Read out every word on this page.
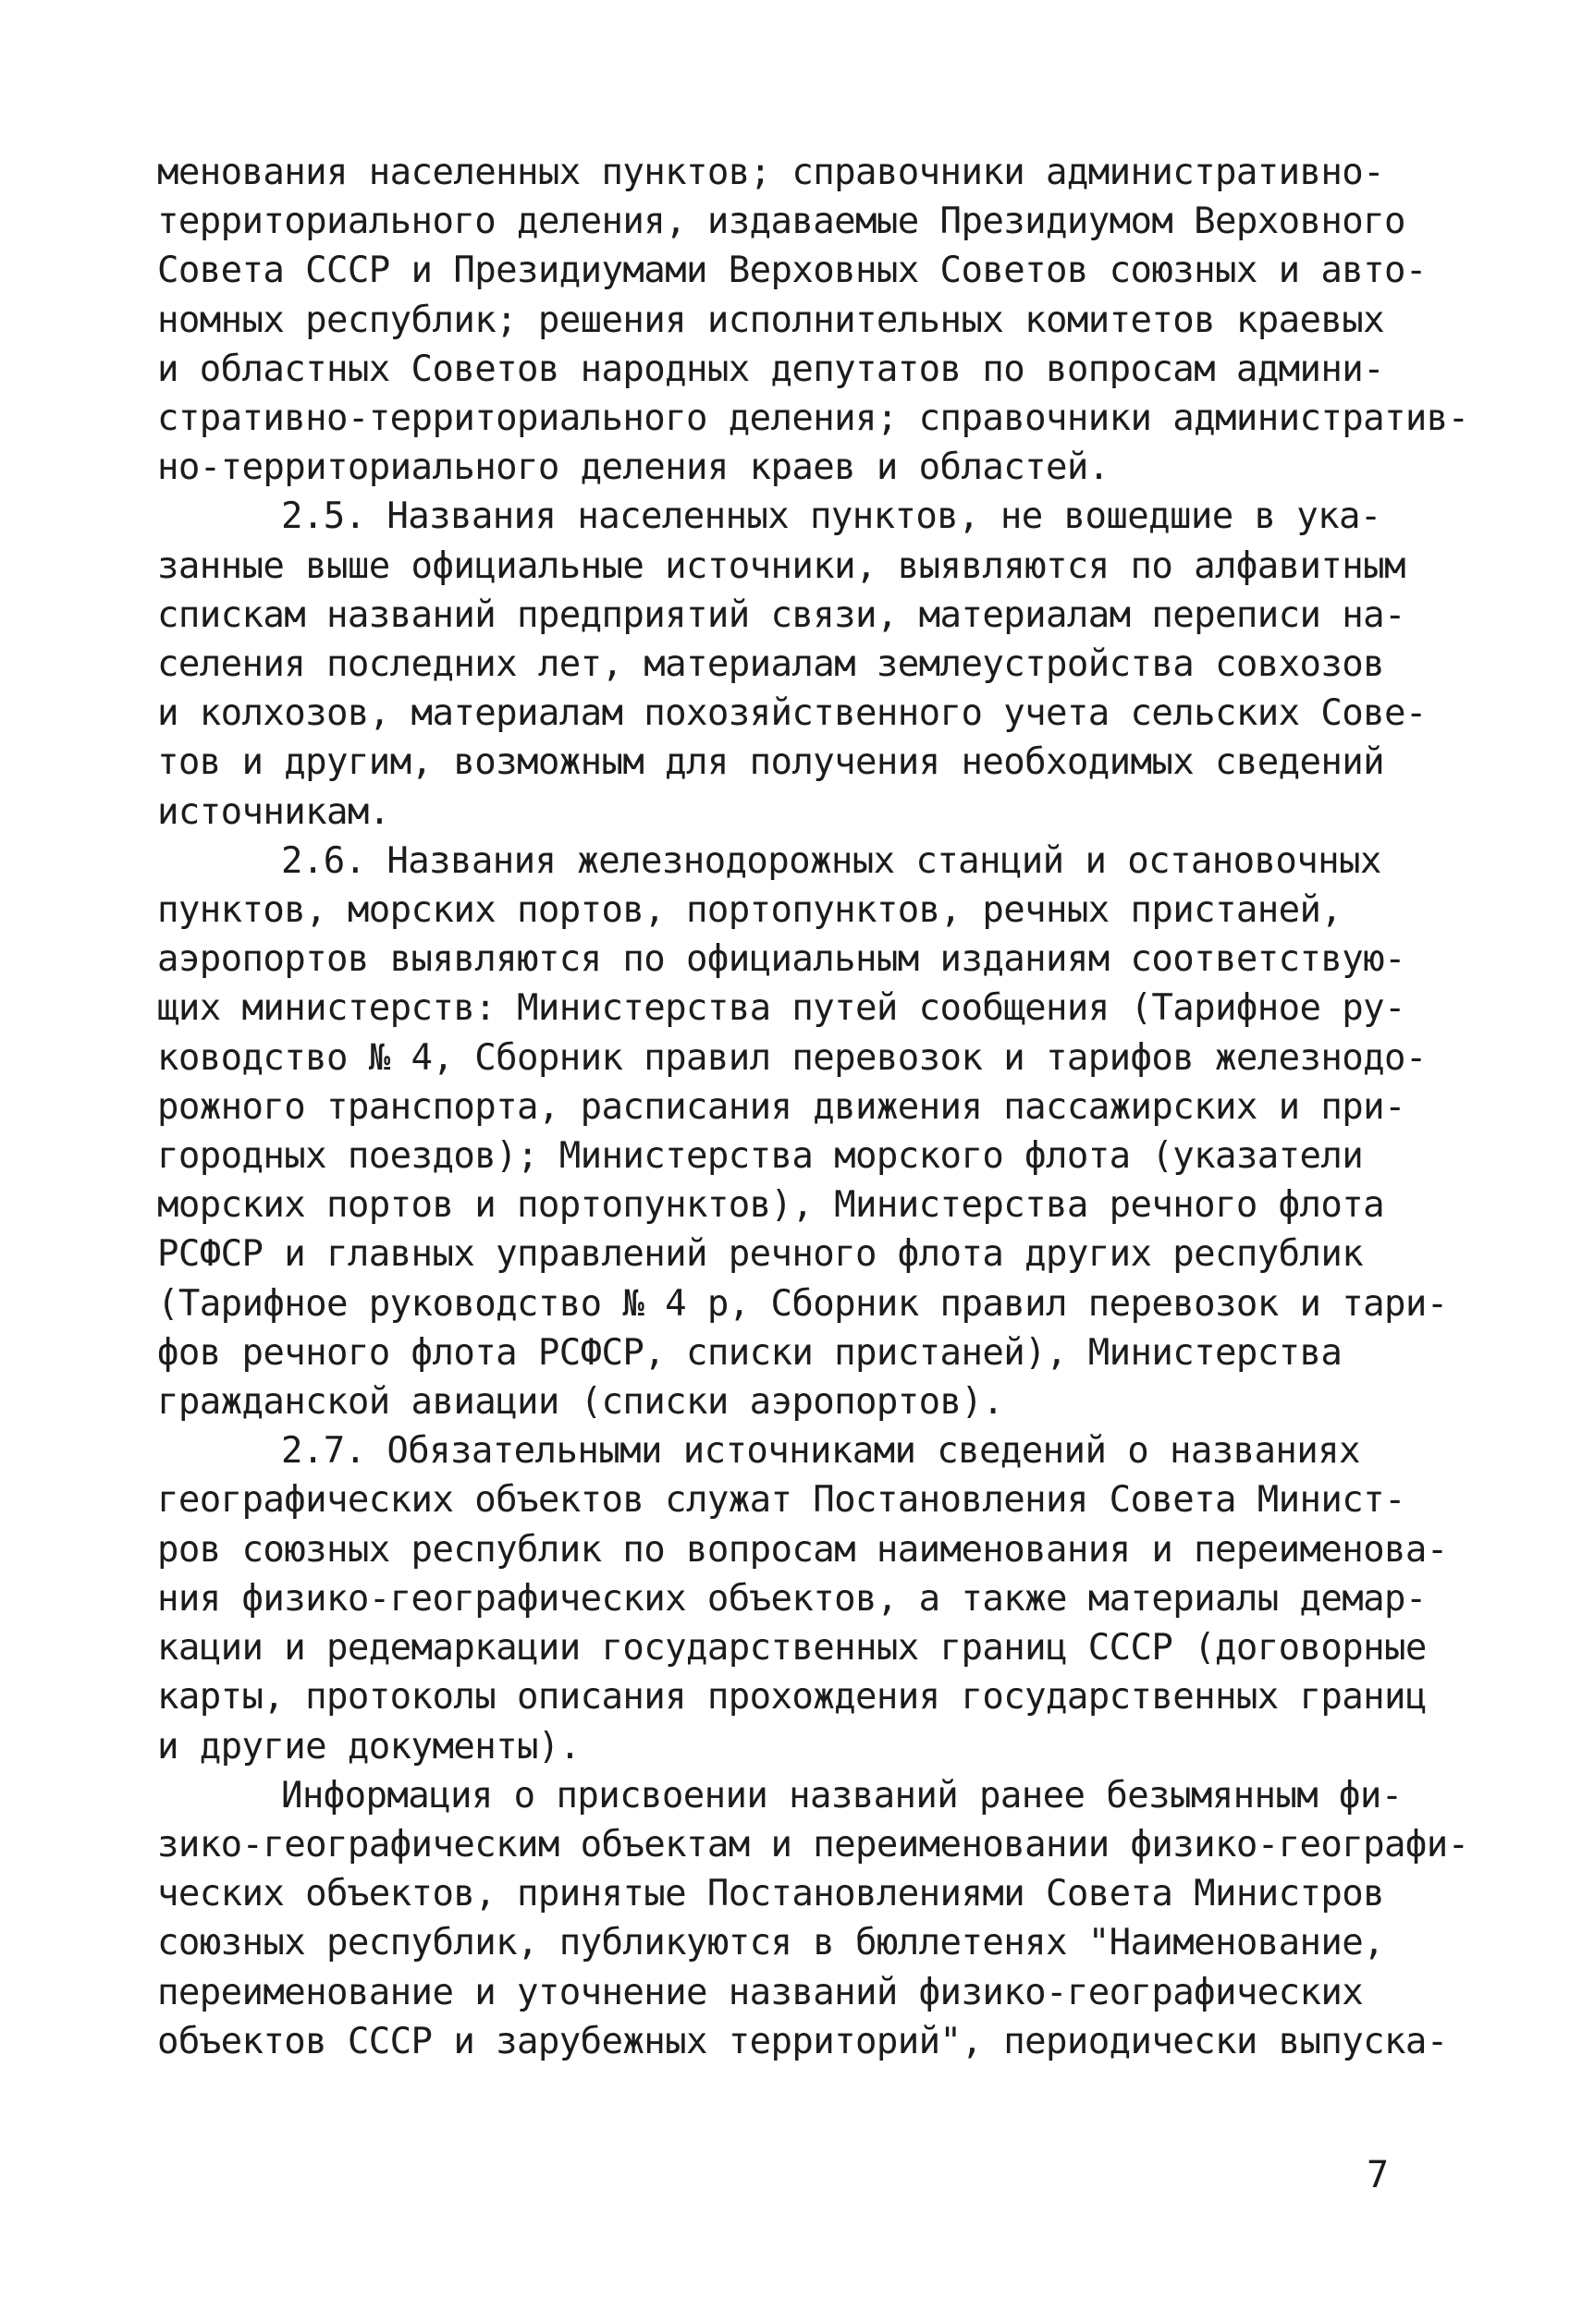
менования населенных пунктов; справочники административно-
территориального деления, издаваемые Президиумом Верховного
Совета СССР и Президиумами Верховных Советов союзных и авто-
номных республик; решения исполнительных комитетов краевых
и областных Советов народных депутатов по вопросам админи-
стративно-территориального деления; справочники административ-
но-территориального деления краев и областей.
2.5. Названия населенных пунктов, не вошедшие в ука-
занные выше официальные источники, выявляются по алфавитным
спискам названий предприятий связи, материалам переписи на-
селения последних лет, материалам землеустройства совхозов
и колхозов, материалам похозяйственного учета сельских Сове-
тов и другим, возможным для получения необходимых сведений
источникам.
2.6. Названия железнодорожных станций и остановочных
пунктов, морских портов, портопунктов, речных пристаней,
аэропортов выявляются по официальным изданиям соответствую-
щих министерств: Министерства путей сообщения (Тарифное ру-
ководство № 4, Сборник правил перевозок и тарифов железнодо-
рожного транспорта, расписания движения пассажирских и при-
городных поездов); Министерства морского флота (указатели
морских портов и портопунктов), Министерства речного флота
РСФСР и главных управлений речного флота других республик
(Тарифное руководство № 4 р, Сборник правил перевозок и тари-
фов речного флота РСФСР, списки пристаней), Министерства
гражданской авиации (списки аэропортов).
2.7. Обязательными источниками сведений о названиях
географических объектов служат Постановления Совета Минист-
ров союзных республик по вопросам наименования и переименова-
ния физико-географических объектов, а также материалы демар-
кации и редемаркации государственных границ СССР (договорные
карты, протоколы описания прохождения государственных границ
и другие документы).
Информация о присвоении названий ранее безымянным фи-
зико-географическим объектам и переименовании физико-географи-
ческих объектов, принятые Постановлениями Совета Министров
союзных республик, публикуются в бюллетенях "Наименование,
переименование и уточнение названий физико-географических
объектов СССР и зарубежных территорий", периодически выпуска-
7
